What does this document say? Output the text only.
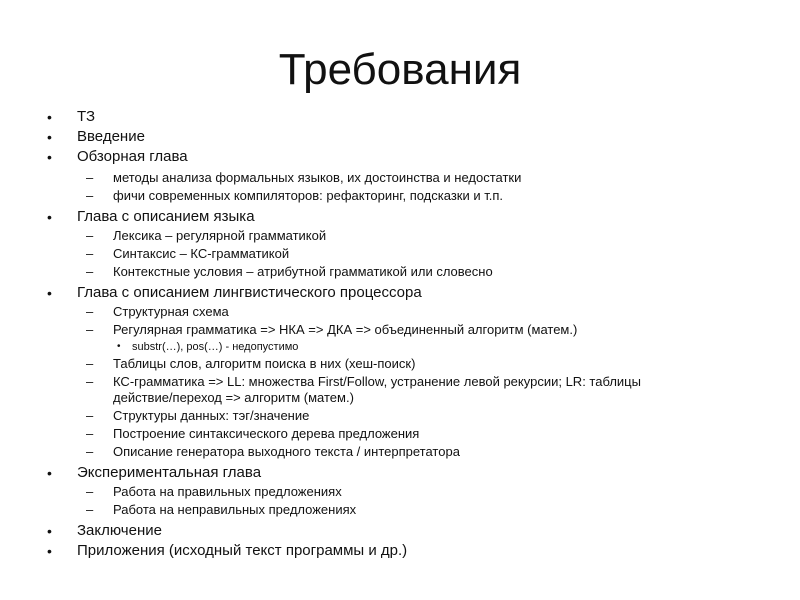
Требования
• ТЗ
• Введение
• Обзорная глава
– методы анализа формальных языков, их достоинства и недостатки
– фичи современных компиляторов: рефакторинг, подсказки и т.п.
• Глава с описанием языка
– Лексика – регулярной грамматикой
– Синтаксис – КС-грамматикой
– Контекстные условия – атрибутной грамматикой или словесно
• Глава с описанием лингвистического процессора
– Структурная схема
– Регулярная грамматика => НКА => ДКА => объединенный алгоритм (матем.)
• substr(…), pos(…) - недопустимо
– Таблицы слов, алгоритм поиска в них (хеш-поиск)
– КС-грамматика => LL: множества First/Follow, устранение левой рекурсии; LR: таблицы
действие/переход => алгоритм (матем.)
– Структуры данных: тэг/значение
– Построение синтаксического дерева предложения
– Описание генератора выходного текста / интерпретатора
• Экспериментальная глава
– Работа на правильных предложениях
– Работа на неправильных предложениях
• Заключение
• Приложения (исходный текст программы и др.)
